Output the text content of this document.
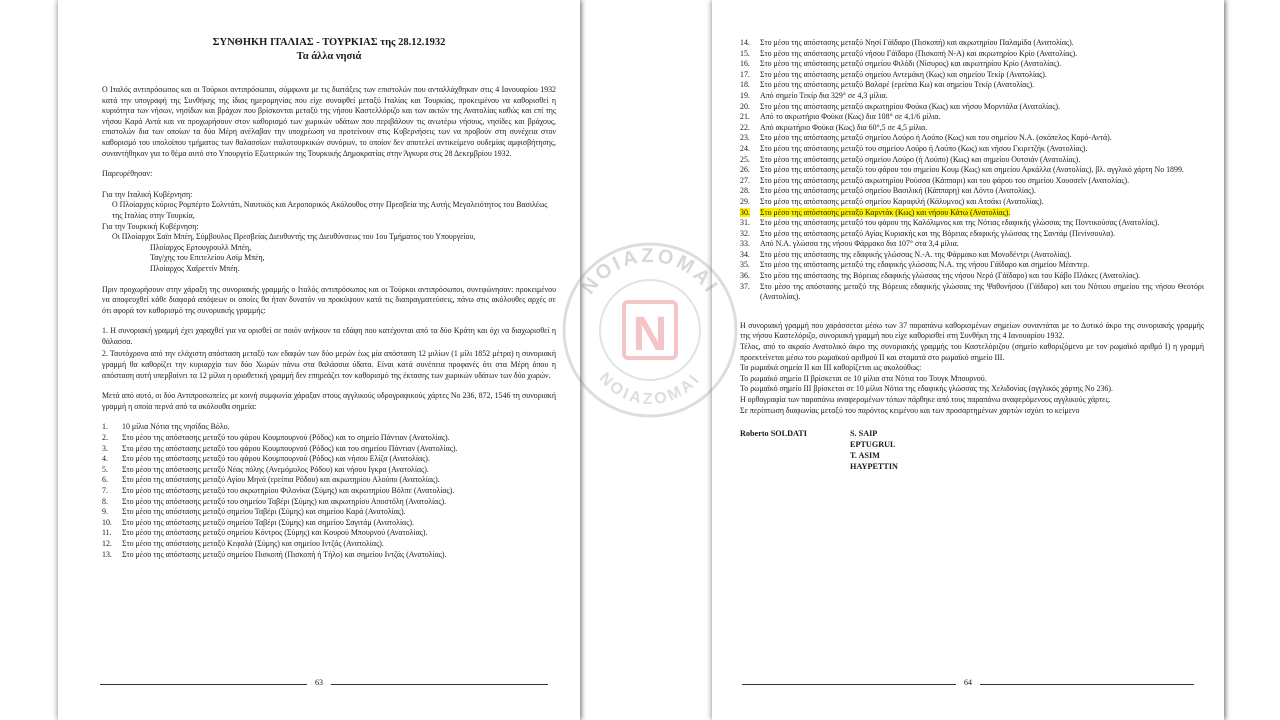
ΣΥΝΘΗΚΗ ΙΤΑΛΙΑΣ - ΤΟΥΡΚΙΑΣ της 28.12.1932
Τα άλλα νησιά

Ο Ιταλός αντιπρόσωπος και οι Τούρκοι αντιπρόσωποι, σύμφωνα με τις διατάξεις των επιστολών που ανταλλάχθηκαν στις 4 Ιανουαρίου 1932 κατά την υπογραφή της Συνθήκης της ίδιας ημερομηνίας που είχε συναφθεί μεταξύ Ιταλίας και Τουρκίας, προκειμένου να καθορισθεί η κυριότητα των νήσων, νησίδων και βράχων που βρίσκονται μεταξύ της νήσου Καστελλόριζο και των ακτών της Ανατολίας καθώς και επί της νήσου Καρά Αντά και να προχωρήσουν στον καθορισμό των χωρικών υδάτων που περιβάλουν τις ανωτέρω νήσους, νησίδες και βράχους, επιστολών δια των οποίων τα δύο Μέρη ανέλαβαν την υποχρέωση να προτείνουν στις Κυβερνήσεις των να προβούν στη συνέχεια στον καθορισμό του υπολοίπου τμήματος των θαλασσίων ιταλοτουρκικών συνόρων, το οποίον δεν αποτελεί αντικείμενο ουδεμίας αμφισβήτησης, συναντήθηκαν για το θέμα αυτό στο Υπουργείο Εξωτερικών της Τουρκικής Δημοκρατίας στην Άγκυρα στις 28 Δεκεμβρίου 1932.

Παρευρέθησαν:
Για την Ιταλική Κυβέρνηση:
Ο Πλοίαρχος κύριος Ρομπέρτο Σολντάτι, Ναυτικός και Αεροπορικός Ακόλουθος στην Πρεσβεία της Αυτής Μεγαλειότητος του Βασιλέως της Ιταλίας στην Τουρκία,
Για την Τουρκική Κυβέρνηση:
Οι Πλοίαρχοι Σαϊπ Μπέη, Σύμβουλος Πρεσβείας Διευθυντής της Διευθύνσεως του 1ου Τμήματος του Υπουργείου,
Πλοίαρχος Ερτουγρουλλ Μπέη,
Ταγ/χης του Επιτελείου Ασίμ Μπέη,
Πλοίαρχος Χαϊρεττίν Μπέη.

Πριν προχωρήσουν στην χάραξη της συνοριακής γραμμής ο Ιταλός αντιπρόσωπος και οι Τούρκοι αντιπρόσωποι, συνεφώνησαν: προκειμένου να αποφευχθεί κάθε διαφορά απόψεων οι οποίες θα ήταν δυνατόν να προκύψουν κατά τις διαπραγματεύσεις, πάνω στις ακόλουθες αρχές σε ότι αφορά τον καθορισμό της συνοριακής γραμμής:

1. Η συνοριακή γραμμή έχει χαραχθεί για να ορισθεί σε ποιόν ανήκουν τα εδάφη που κατέχονται από τα δύο Κράτη και όχι να διαχωρισθεί η θάλασσα.

2. Ταυτόχρονα από την ελάχιστη απόσταση μεταξύ των εδαφών των δύο μερών έως μία απόσταση 12 μιλίων (1 μίλι 1852 μέτρα) η συνοριακή γραμμή θα καθορίζει την κυριαρχία των δύο Χωρών πάνω στα θαλάσσια ύδατα. Είναι κατά συνέπεια προφανές ότι στα Μέρη όπου η απόσταση αυτή υπερβαίνει τα 12 μίλια η οριοθετική γραμμή δεν επηρεάζει τον καθορισμό της έκτασης των χωρικών υδάτων των δύο χωρών.

Μετά από αυτό, οι δύο Αντιπροσωπείες με κοινή συμφωνία χάραξαν στους αγγλικούς υδρογραφικούς χάρτες Νο 236, 872, 1546 τη συνοριακή γραμμή η οποία περνά από τα ακόλουθα σημεία:

1.	10 μίλια Νότια της νησίδας Βόλο.
2.	Στο μέσο της απόστασης μεταξύ του φάρου Κουμπουρνού (Ρόδος) και το σημείο Πάντιαν (Ανατολίας).
3.	Στο μέσο της απόστασης μεταξύ του φάρου Κουμπουρνού (Ρόδος) και του σημείου Πάντιαν (Ανατολίας).
4.	Στο μέσο της απόστασης μεταξύ του φάρου Κουμπουρνού (Ρόδος) και νήσου Ελίζα (Ανατολίας).
5.	Στο μέσο της απόστασης μεταξύ Νέας πόλης (Ανεμόμυλος Ρόδου) και νήσου Ιγκρα (Ανατολίας).
6.	Στο μέσο της απόστασης μεταξύ Αγίου Μηνά (ερείπια Ρόδου) και ακρωτηρίου Αλούπο (Ανατολίας).
7.	Στο μέσο της απόστασης μεταξύ του ακρωτηρίου Φιλονίκα (Σύμης) και ακρωτηρίου Βόλπε (Ανατολίας).
8.	Στο μέσο της απόστασης μεταξύ του σημείου Ταβέρι (Σύμης) και ακρωτηρίου Αποστόλη (Ανατολίας).
9.	Στο μέσο της απόστασης μεταξύ σημείου Ταβέρι (Σύμης) και σημείου Καρά (Ανατολίας).
10.	Στο μέσο της απόστασης μεταξύ σημείου Ταβέρι (Σύμης) και σημείου Σαγιτάμ (Ανατολίας).
11.	Στο μέσο της απόστασης μεταξύ σημείου Κόντρος (Σύμης) και Κουρού Μπουρνού (Ανατολίας).
12.	Στο μέσο της απόστασης μεταξύ Κεφαλά (Σύμης) και σημείου Ιντζάς (Ανατολίας).
13.	Στο μέσο της απόστασης μεταξύ σημείου Πισκοπή (Πισκοπή ή Τήλο) και σημείου Ιντζάς (Ανατολίας).
63
14.	Στο μέσο της απόστασης μεταξύ Νησί Γάϊδαρο (Πισκοπή) και ακρωτηρίου Παλαμίδα (Ανατολίας).
15.	Στο μέσο της απόστασης μεταξύ νήσου Γάϊδαρο (Πισκοπή Ν-Α) και ακρωτηρίου Κρίο (Ανατολίας).
16.	Στο μέσο της απόστασης μεταξύ σημείου Φιλόδι (Νίσυρος) και ακρωτηρίου Κρίο (Ανατολίας).
17.	Στο μέσο της απόστασης μεταξύ σημείου Αντεμάκη (Κως) και σημείου Τεκίρ (Ανατολίας).
18.	Στο μέσο της απόστασης μεταξύ Βαλαρέ (ερείπια Κω) και σημείου Τεκίρ (Ανατολίας).
19.	Από σημείο Τεκίρ δια 329° σε 4,3 μίλια.
20.	Στο μέσο της απόστασης μεταξύ ακρωτηρίου Φούκα (Κως) και νήσου Μορντάλα (Ανατολίας).
21.	Από το ακρωτήριο Φούκα (Κως) δια 108° σε 4,1/6 μίλια.
22.	Από ακρωτήριο Φούκα (Κως) δια 60°,5 σε 4,5 μίλια.
23.	Στο μέσο της απόστασης μεταξύ σημείου Λούρο ή Λούπο (Κως) και του σημείου Ν.Α. (σκόπελος Καρό-Αντά).
24.	Στο μέσο της απόστασης μεταξύ του σημείου Λούρο ή Λούπο (Κως) και νήσου Γκιρετζήκ (Ανατολίας).
25.	Στο μέσο της απόστασης μεταξύ σημείου Λούρο (ή Λούπο) (Κως) και σημείου Ουτσιάν (Ανατολίας).
26.	Στο μέσο της απόστασης μεταξύ του φάρου του σημείου Κουμ (Κως) και σημείου Αρκάλλα (Ανατολίας), βλ. αγγλικό χάρτη Νο 1899.
27.	Στο μέσο της απόστασης μεταξύ ακρωτηρίου Ρούσσα (Κάππαρι) και του φάρου του σημείου Χουσσεϊν (Ανατολίας).
28.	Στο μέσο της απόστασης μεταξύ σημείου Βασιλική (Κάππαρη) και Λόντο (Ανατολίας).
29.	Στο μέσο της απόστασης μεταξύ σημείου Καραφιλή (Κάλυμνος) και Ατσάκι (Ανατολίας).
30.	Στο μέσο της απόστασης μεταξύ Καρντάκ (Κως) και νήσου Κάτω (Ανατολίας).
31.	Στο μέσο της απόστασης μεταξύ του φάρου της Καλόλιμνος και της Νότιας εδαφικής γλώσσας της Ποντικούσας (Ανατολίας).
32.	Στο μέσο της απόστασης μεταξύ Αγίας Κυριακής και της Βόρειας εδαφικής γλώσσας της Σαντάμ (Πενίνσουλα).
33.	Από Ν.Α. γλώσσα της νήσου Φάρμακο δια 107° στα 3,4 μίλια.
34.	Στο μέσο της απόστασης της εδαφικής γλώσσας Ν.-Α. της Φάρμακο και Μονοδέντρι (Ανατολίας).
35.	Στο μέσο της απόστασης μεταξύ της εδαφικής γλώσσας Ν.Α. της νήσου Γάϊδαρο και σημείου Μέαντερ.
36.	Στο μέσο της απόστασης της Βόρειας εδαφικής γλώσσας της νήσου Νερό (Γάϊδαρο) και του Κάβο Πλάκες (Ανατολίας).
37.	Στο μέσο της απόστασης μεταξύ της Βόρειας εδαφικής γλώσσας της Ψαθονήσου (Γάϊδαρο) και του Νότιου σημείου της νήσου Θεοτόρι (Ανατολίας).

Η συνοριακή γραμμή που χαράσσεται μέσω των 37 παραπάνω καθορισμένων σημείων συναντάται με το Δυτικό άκρο της συνοριακής γραμμής της νήσου Καστελόριζο, συνοριακή γραμμή που είχε καθορισθεί στη Συνθήκη της 4 Ιανουαρίου 1932.

Τέλος, από το ακραίο Ανατολικό άκρο της συνοριακής γραμμής του Καστελόριζου (σημείο καθοριζόμενο με τον ρωμαϊκό αριθμό I) η γραμμή προεκτείνεται μέσω του ρωμαϊκού αριθμού II και σταματά στο ρωμαϊκό σημείο III.

Τα ρωμαϊκά σημεία II και III καθορίζεται ως ακολούθως:

Το ρωμαϊκό σημείο II βρίσκεται σε 10 μίλια στα Νότια του Τουγκ Μπουρνού.

Το ρωμαϊκό σημείο III βρίσκεται σε 10 μίλια Νότια της εδαφικής γλώσσας της Χελιδονίας (αγγλικός χάρτης Νο 236).

Η ορθογραφία των παραπάνω αναφερομένων τόπων πάρθηκε από τους παραπάνω αναφερόμενους αγγλικούς χάρτες.

Σε περίπτωση διαφωνίας μεταξύ του παρόντος κειμένου και των προσαρτημένων χαρτών ισχύει το κείμενο

Roberto SOLDATI	S. SAIP
EPTUGRUL
T. ASIM
HAYPETTIN
64
ΝΟΙΑΖΟΜΑΙ
ΝΟΙΑΖΟΜΑΙ
N
